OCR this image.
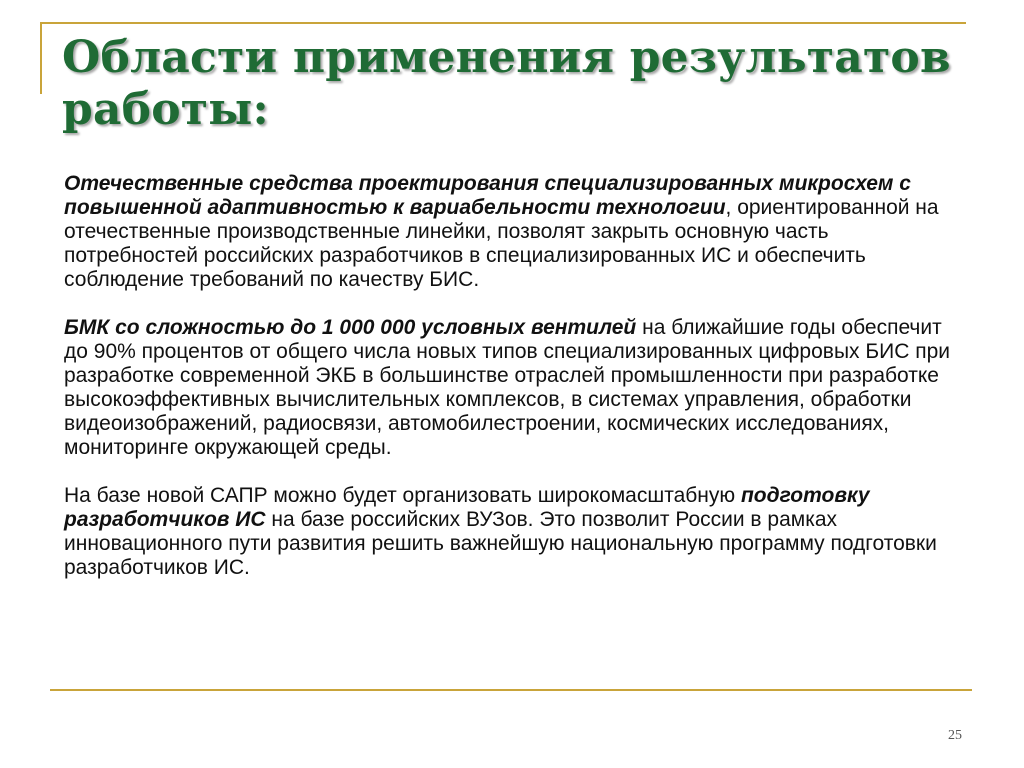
Области применения результатов работы:

Отечественные средства проектирования специализированных микросхем с повышенной адаптивностью к вариабельности технологии, ориентированной на отечественные производственные линейки, позволят закрыть основную часть потребностей российских разработчиков в специализированных ИС и обеспечить соблюдение требований по качеству БИС.

БМК со сложностью до 1 000 000 условных вентилей на ближайшие годы обеспечит до 90% процентов от общего числа новых типов специализированных цифровых БИС при разработке современной ЭКБ в большинстве отраслей промышленности при разработке высокоэффективных вычислительных комплексов, в системах управления, обработки видеоизображений, радиосвязи, автомобилестроении, космических исследованиях, мониторинге окружающей среды.

На базе новой САПР можно будет организовать широкомасштабную подготовку разработчиков ИС на базе российских ВУЗов. Это позволит России в рамках инновационного пути развития решить важнейшую национальную программу подготовки разработчиков ИС.

25
